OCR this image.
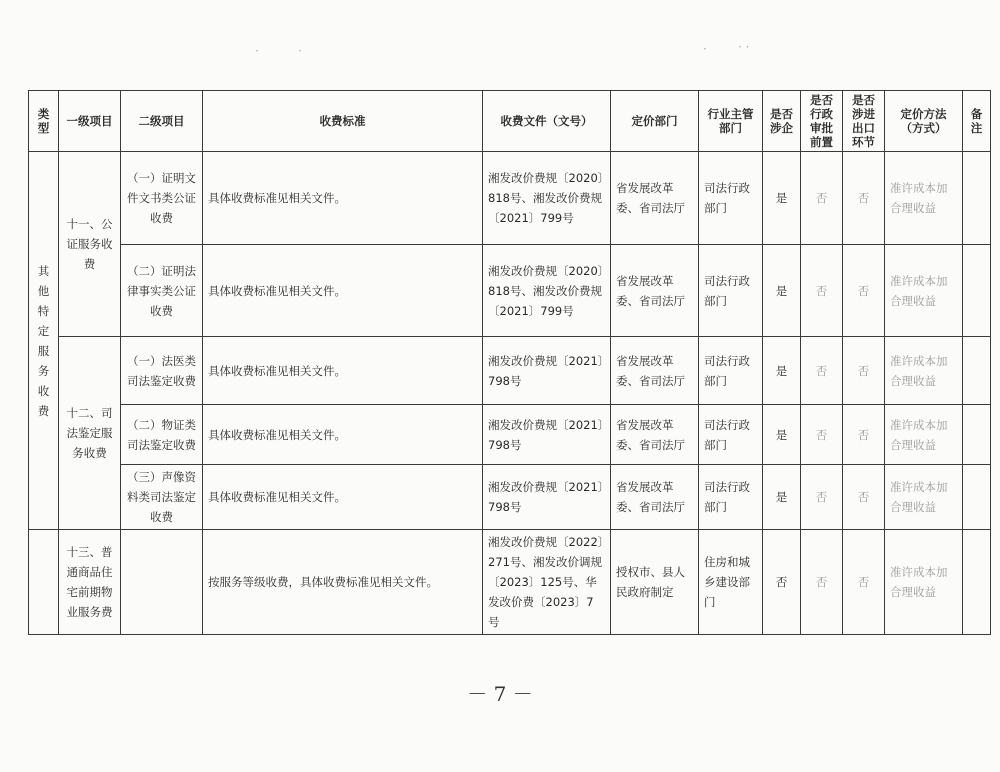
·	·	·	· ·
类型	一级项目	二级项目	收费标准	收费文件（文号）	定价部门	行业主管部门	是否涉企	是否行政审批前置	是否涉进出口环节	定价方法（方式）	备注
其他特定服务收费	十一、公证服务收费	（一）证明文件文书类公证收费	具体收费标准见相关文件。	湘发改价费规〔2020〕818号、湘发改价费规〔2021〕799号	省发展改革委、省司法厅	司法行政部门	是	否	否	准许成本加合理收益	
		（二）证明法律事实类公证收费	具体收费标准见相关文件。	湘发改价费规〔2020〕818号、湘发改价费规〔2021〕799号	省发展改革委、省司法厅	司法行政部门	是	否	否	准许成本加合理收益	
	十二、司法鉴定服务收费	（一）法医类司法鉴定收费	具体收费标准见相关文件。	湘发改价费规〔2021〕798号	省发展改革委、省司法厅	司法行政部门	是	否	否	准许成本加合理收益	
		（二）物证类司法鉴定收费	具体收费标准见相关文件。	湘发改价费规〔2021〕798号	省发展改革委、省司法厅	司法行政部门	是	否	否	准许成本加合理收益	
		（三）声像资料类司法鉴定收费	具体收费标准见相关文件。	湘发改价费规〔2021〕798号	省发展改革委、省司法厅	司法行政部门	是	否	否	准许成本加合理收益	
	十三、普通商品住宅前期物业服务费		按服务等级收费，具体收费标准见相关文件。	湘发改价费规〔2022〕271号、湘发改价调规〔2023〕125号、华发改价费〔2023〕7号	授权市、县人民政府制定	住房和城乡建设部门	否	否	否	准许成本加合理收益	
－ 7 －
